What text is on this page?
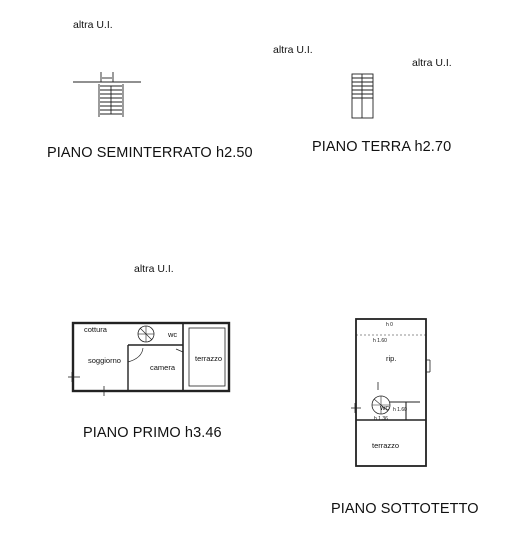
altra U.I.
altra U.I.
altra U.I.
altra U.I.
PIANO SEMINTERRATO h2.50	PIANO TERRA h2.70
PIANO PRIMO h3.46
PIANO SOTTOTETTO
cottura
wc
soggiorno
camera
terrazzo
h 0
h 1.60
rip.
wc h 1.60
h 1.36
terrazzo
